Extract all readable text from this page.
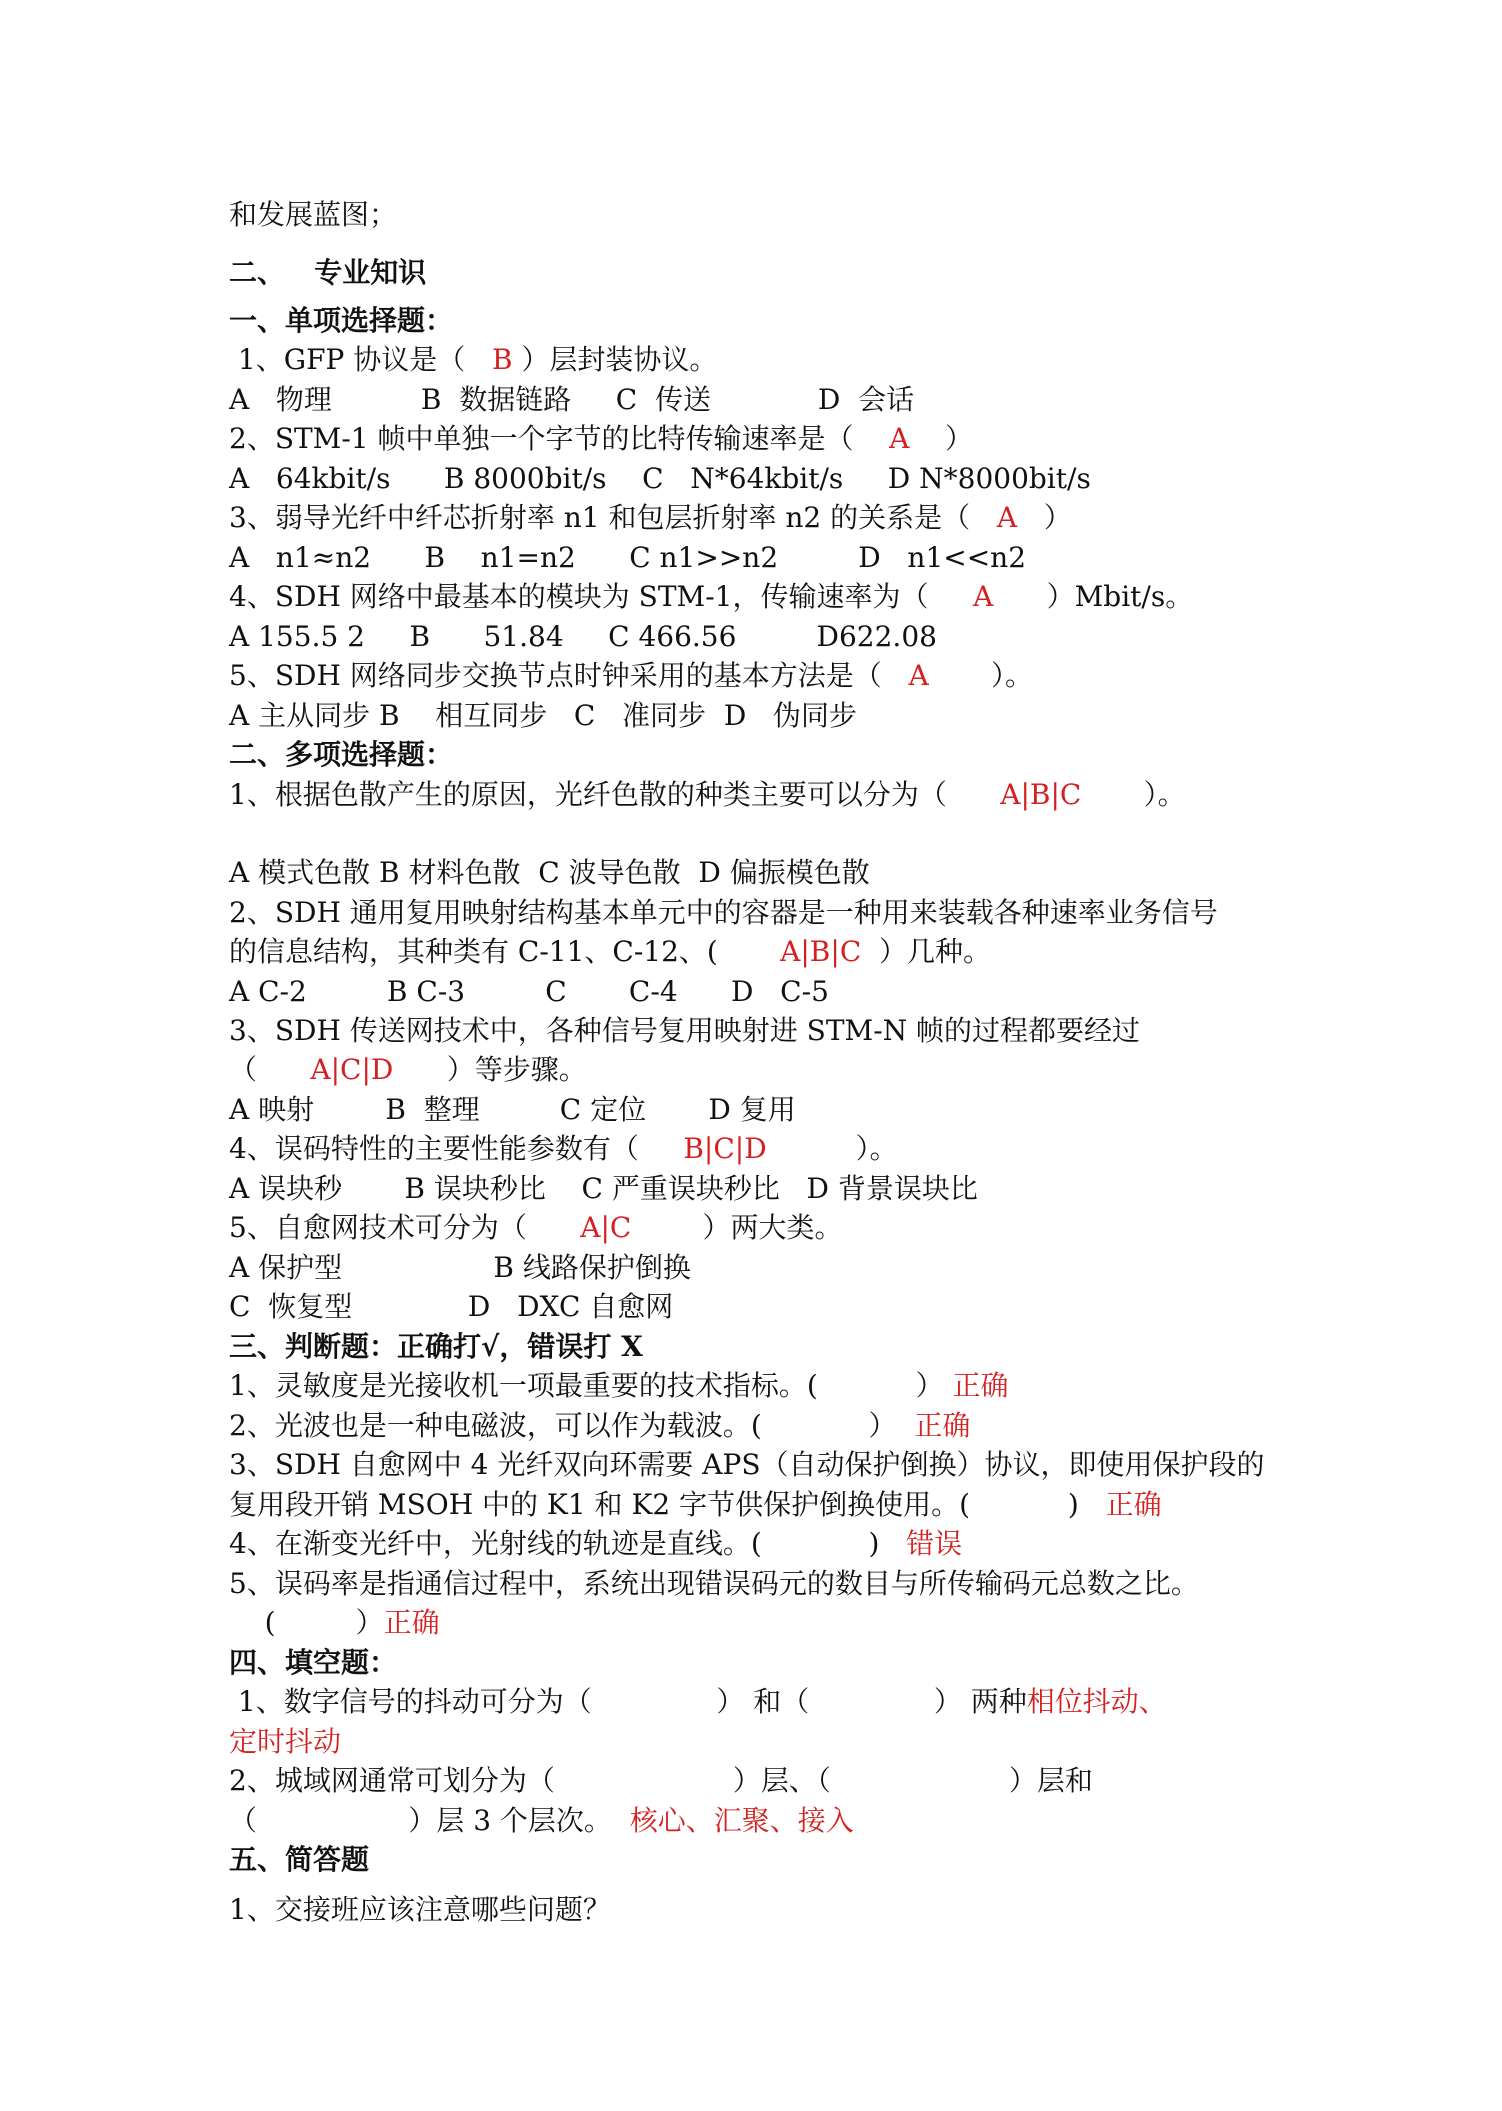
和发展蓝图；
二、   专业知识
一、单项选择题：
1、GFP 协议是（   B ）层封装协议。
A   物理          B  数据链路     C  传送            D  会话
2、STM-1 帧中单独一个字节的比特传输速率是（    A    ）
A   64kbit/s      B 8000bit/s    C   N*64kbit/s     D N*8000bit/s
3、弱导光纤中纤芯折射率 n1 和包层折射率 n2 的关系是（   A   ）
A   n1≈n2      B    n1=n2      C n1>>n2         D   n1<<n2
4、SDH 网络中最基本的模块为 STM-1，传输速率为（     A      ）Mbit/s。
A 155.5 2     B      51.84     C 466.56         D622.08
5、SDH 网络同步交换节点时钟采用的基本方法是（   A       ）。
A 主从同步 B    相互同步   C   准同步  D   伪同步
二、多项选择题：
1、根据色散产生的原因，光纤色散的种类主要可以分为（      A|B|C       ）。
A 模式色散 B 材料色散  C 波导色散  D 偏振模色散
2、SDH 通用复用映射结构基本单元中的容器是一种用来装载各种速率业务信号
的信息结构，其种类有 C-11、C-12、(       A|B|C  ）几种。
A C-2         B C-3         C       C-4      D   C-5
3、SDH 传送网技术中，各种信号复用映射进 STM-N 帧的过程都要经过
（      A|C|D      ）等步骤。
A 映射        B  整理         C 定位       D 复用
4、误码特性的主要性能参数有（     B|C|D          ）。
A 误块秒       B 误块秒比    C 严重误块秒比   D 背景误块比
5、自愈网技术可分为（      A|C        ）两大类。
A 保护型                 B 线路保护倒换
C  恢复型             D   DXC 自愈网
三、判断题：正确打√，错误打 X
1、灵敏度是光接收机一项最重要的技术指标。(           ） 正确
2、光波也是一种电磁波，可以作为载波。(            ）  正确
3、SDH 自愈网中 4 光纤双向环需要 APS（自动保护倒换）协议，即使用保护段的
复用段开销 MSOH 中的 K1 和 K2 字节供保护倒换使用。(           )   正确
4、在渐变光纤中，光射线的轨迹是直线。(            )   错误
5、误码率是指通信过程中，系统出现错误码元的数目与所传输码元总数之比。
(         ）正确
四、填空题：
1、数字信号的抖动可分为（              ） 和（              ） 两种相位抖动、
定时抖动
2、城域网通常可划分为（                    ）层、（                    ）层和
（                 ）层 3 个层次。  核心、汇聚、接入
五、简答题
1、交接班应该注意哪些问题？
